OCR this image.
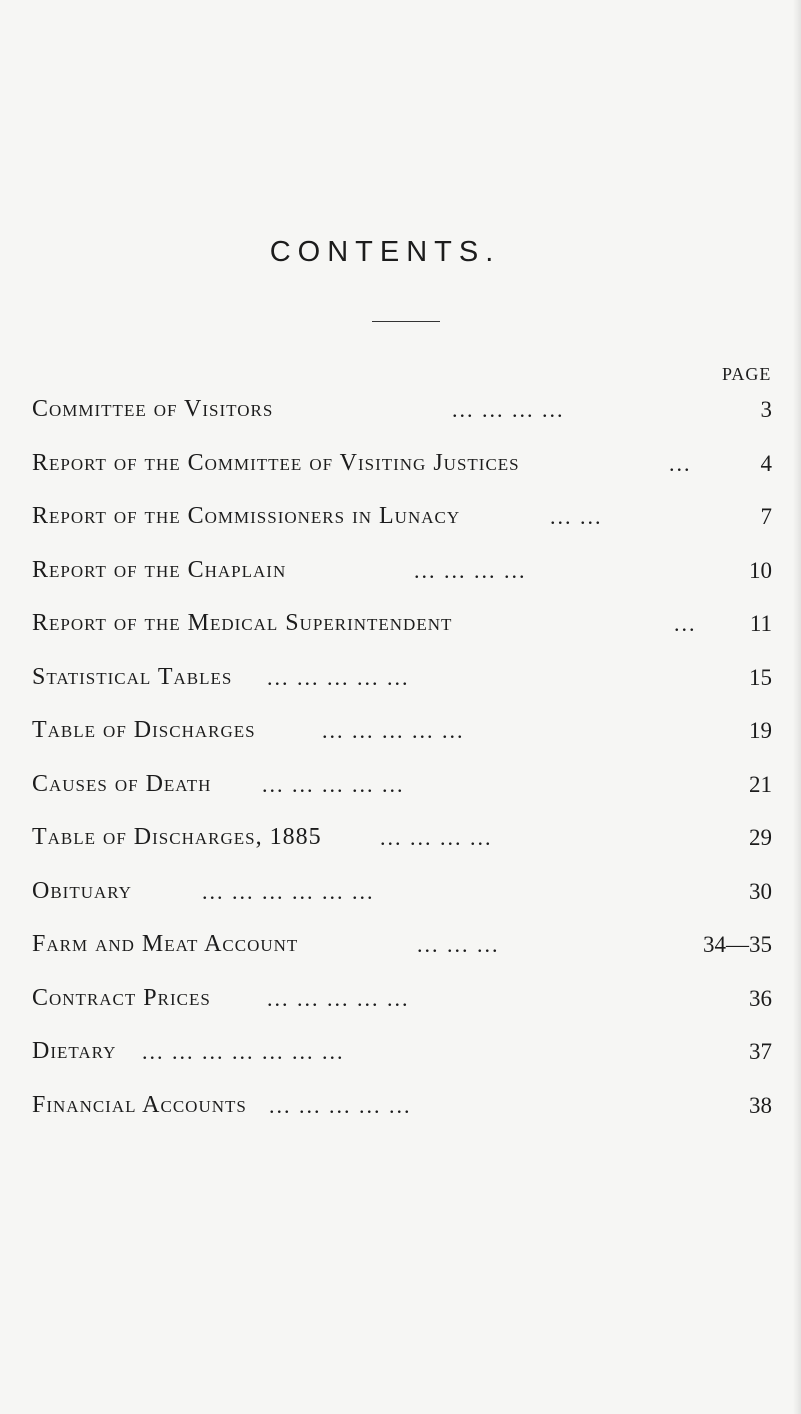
CONTENTS.
PAGE
Committee of Visitors	... ... ... ...	3
Report of the Committee of Visiting Justices	...	4
Report of the Commissioners in Lunacy	... ...	7
Report of the Chaplain	... ... ... ...	10
Report of the Medical Superintendent	... 11
Statistical Tables ... ... ... ... ...	15
Table of Discharges	... ... ... ... ...	19
Causes of Death ... ... ... ... ...	21
Table of Discharges, 1885	... ... ... ...	29
Obituary	... ... ... ... ... ...	30
Farm and Meat Account	... ... ...	34—35
Contract Prices	... ... ... ... ...	36
Dietary ... ... ... ... ... ... ...	37
Financial Accounts ... ... ... ... ...	38
